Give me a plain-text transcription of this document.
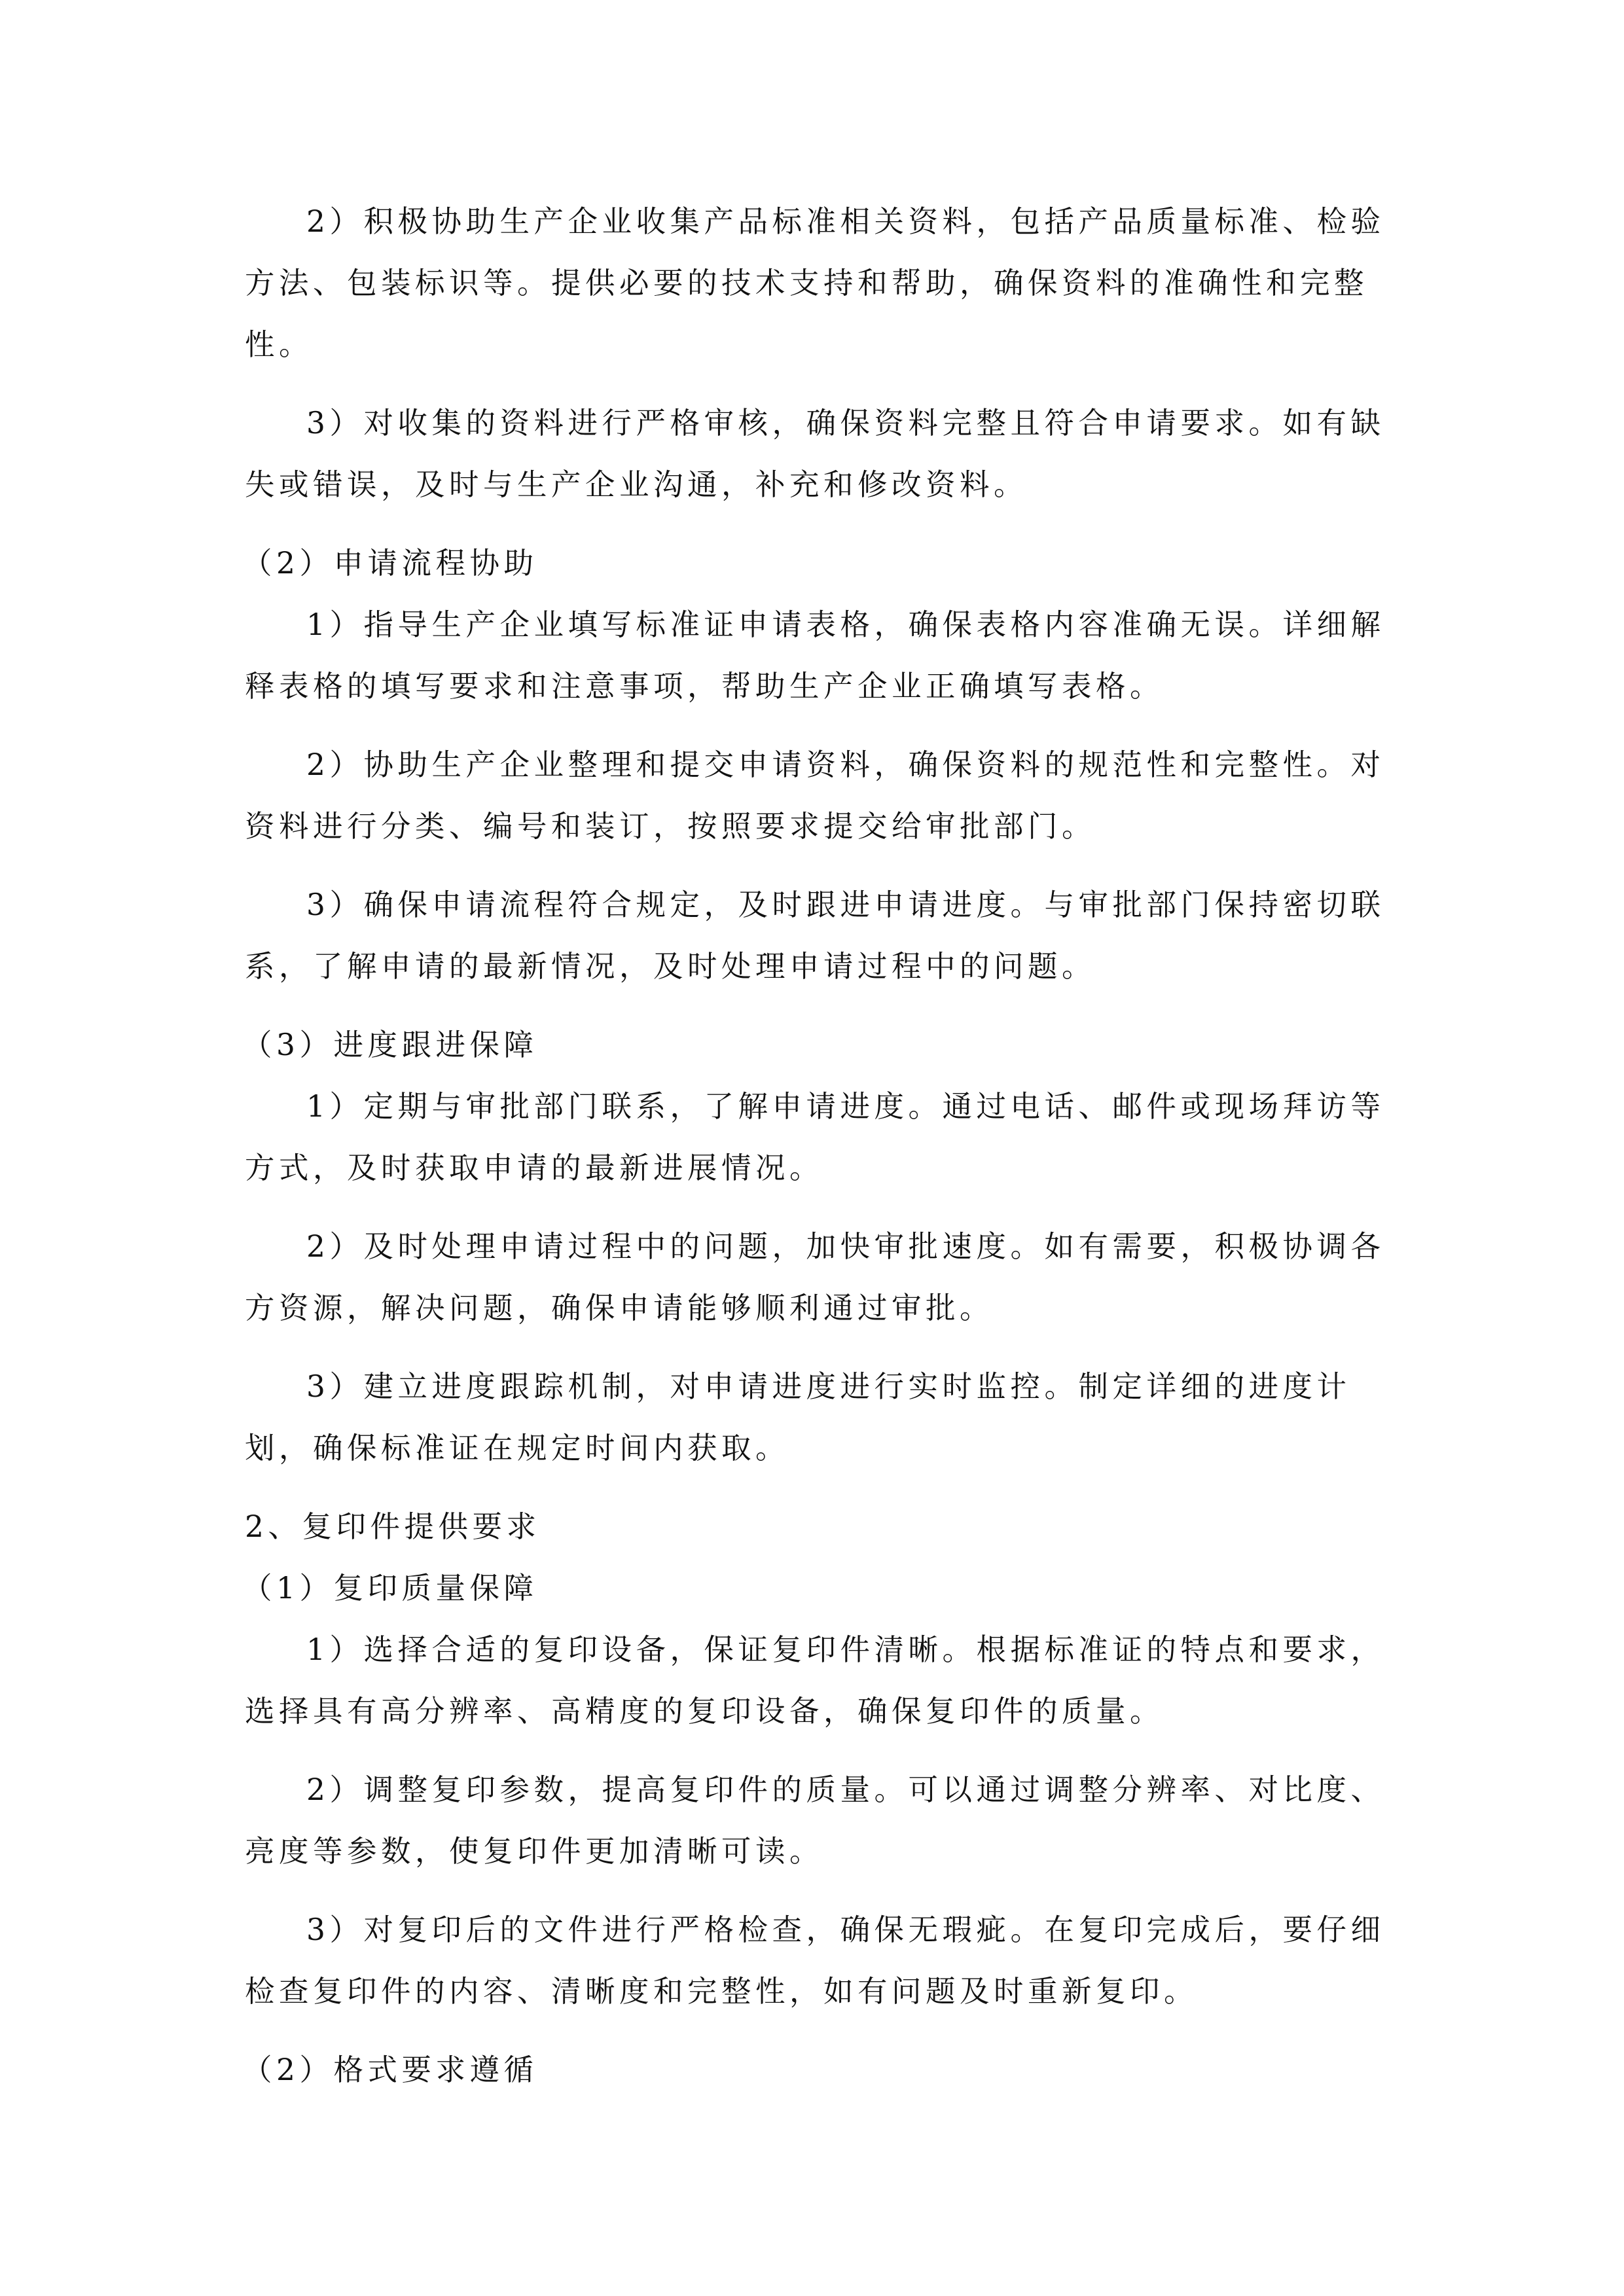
2）积极协助生产企业收集产品标准相关资料，包括产品质量标准、检验方法、包装标识等。提供必要的技术支持和帮助，确保资料的准确性和完整性。

3）对收集的资料进行严格审核，确保资料完整且符合申请要求。如有缺失或错误，及时与生产企业沟通，补充和修改资料。

（2）申请流程协助

1）指导生产企业填写标准证申请表格，确保表格内容准确无误。详细解释表格的填写要求和注意事项，帮助生产企业正确填写表格。

2）协助生产企业整理和提交申请资料，确保资料的规范性和完整性。对资料进行分类、编号和装订，按照要求提交给审批部门。

3）确保申请流程符合规定，及时跟进申请进度。与审批部门保持密切联系，了解申请的最新情况，及时处理申请过程中的问题。

（3）进度跟进保障

1）定期与审批部门联系，了解申请进度。通过电话、邮件或现场拜访等方式，及时获取申请的最新进展情况。

2）及时处理申请过程中的问题，加快审批速度。如有需要，积极协调各方资源，解决问题，确保申请能够顺利通过审批。

3）建立进度跟踪机制，对申请进度进行实时监控。制定详细的进度计划，确保标准证在规定时间内获取。

2、复印件提供要求

（1）复印质量保障

1）选择合适的复印设备，保证复印件清晰。根据标准证的特点和要求，选择具有高分辨率、高精度的复印设备，确保复印件的质量。

2）调整复印参数，提高复印件的质量。可以通过调整分辨率、对比度、亮度等参数，使复印件更加清晰可读。

3）对复印后的文件进行严格检查，确保无瑕疵。在复印完成后，要仔细检查复印件的内容、清晰度和完整性，如有问题及时重新复印。

（2）格式要求遵循
